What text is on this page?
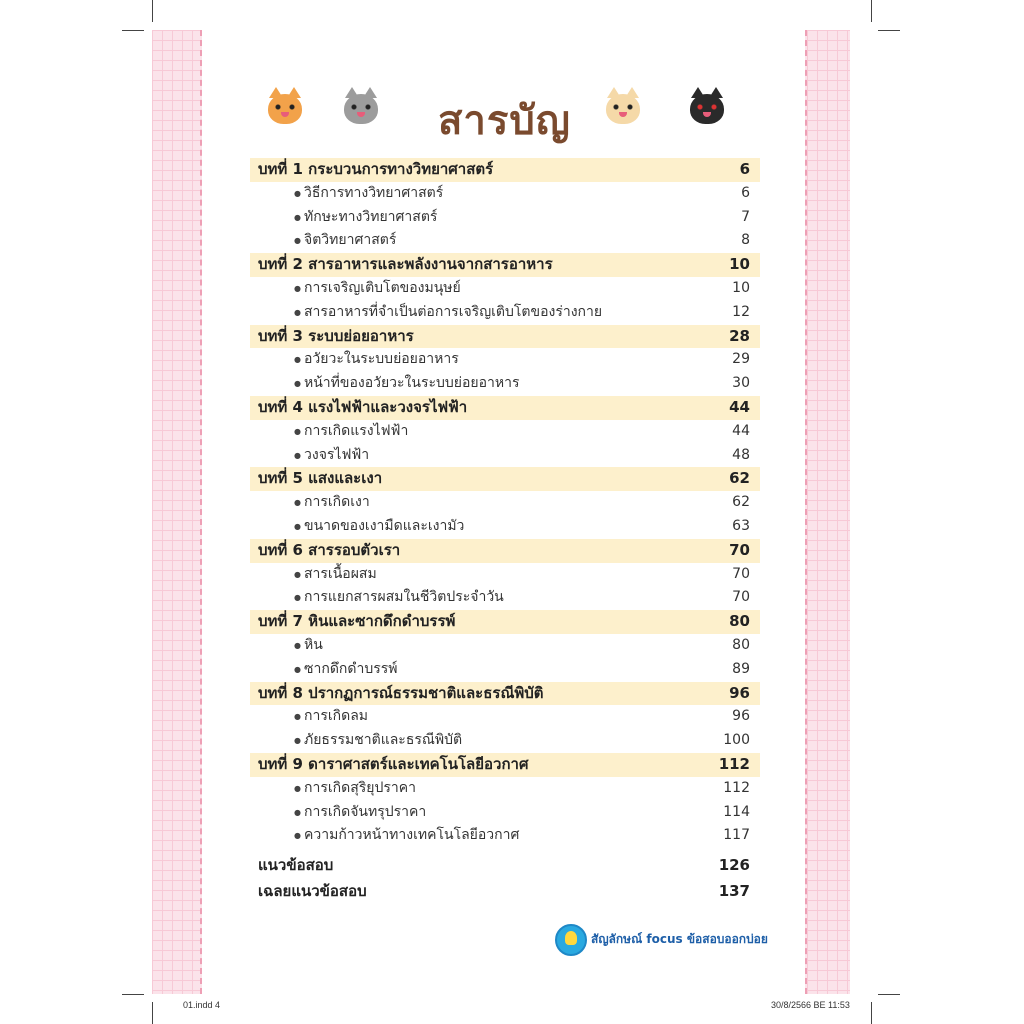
สารบัญ
บทที่ 1 กระบวนการทางวิทยาศาสตร์	6
● วิธีการทางวิทยาศาสตร์	6
● ทักษะทางวิทยาศาสตร์	7
● จิตวิทยาศาสตร์	8
บทที่ 2 สารอาหารและพลังงานจากสารอาหาร	10
● การเจริญเติบโตของมนุษย์	10
● สารอาหารที่จำเป็นต่อการเจริญเติบโตของร่างกาย	12
บทที่ 3 ระบบย่อยอาหาร	28
● อวัยวะในระบบย่อยอาหาร	29
● หน้าที่ของอวัยวะในระบบย่อยอาหาร	30
บทที่ 4 แรงไฟฟ้าและวงจรไฟฟ้า	44
● การเกิดแรงไฟฟ้า	44
● วงจรไฟฟ้า	48
บทที่ 5 แสงและเงา	62
● การเกิดเงา	62
● ขนาดของเงามืดและเงามัว	63
บทที่ 6 สารรอบตัวเรา	70
● สารเนื้อผสม	70
● การแยกสารผสมในชีวิตประจำวัน	70
บทที่ 7 หินและซากดึกดำบรรพ์	80
● หิน	80
● ซากดึกดำบรรพ์	89
บทที่ 8 ปรากฏการณ์ธรรมชาติและธรณีพิบัติ	96
● การเกิดลม	96
● ภัยธรรมชาติและธรณีพิบัติ	100
บทที่ 9 ดาราศาสตร์และเทคโนโลยีอวกาศ	112
● การเกิดสุริยุปราคา	112
● การเกิดจันทรุปราคา	114
● ความก้าวหน้าทางเทคโนโลยีอวกาศ	117
แนวข้อสอบ	126
เฉลยแนวข้อสอบ	137
สัญลักษณ์ focus ข้อสอบออกบ่อย
01.indd 4	30/8/2566 BE 11:53
